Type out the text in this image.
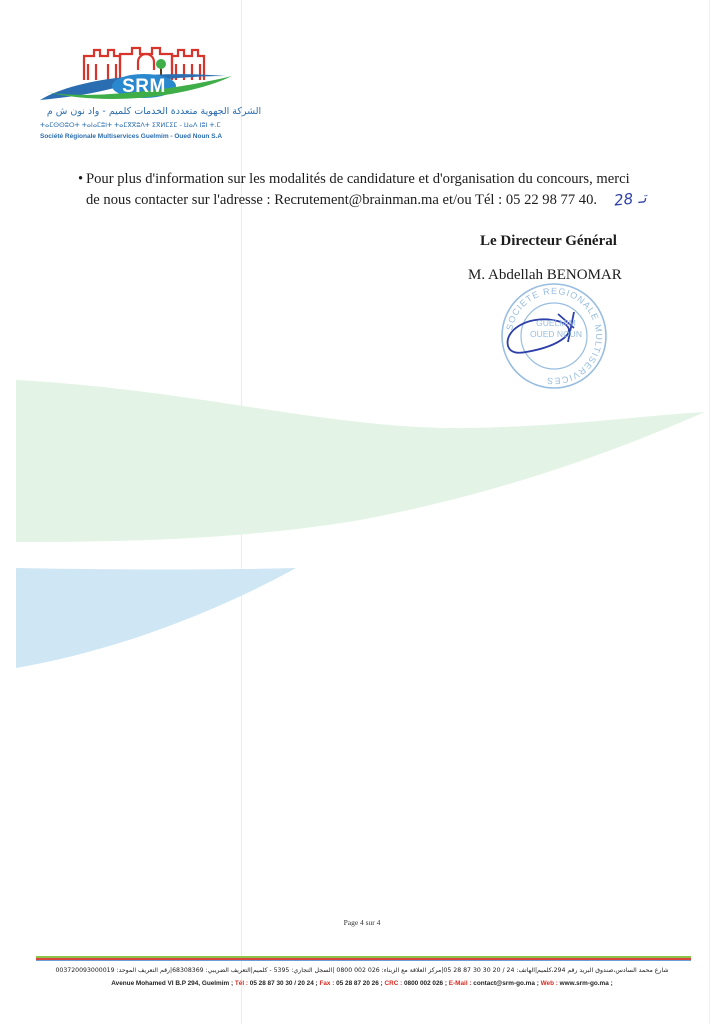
SRM
الشركة الجهوية متعددة الخدمات كلميم - واد نون ش م
ⵜⴰⵎⵙⵙⵓⵔⵜ ⵜⴰⵏⴰⵎⵓⵏⵜ ⵜⴰⵎⴳⴳⵓⴷⵜ ⵉⴳⵍⵎⵉⵎ - ⵡⴰⴷ ⵏⵓⵏ ⵜ.ⵎ
Société Régionale Multiservices Guelmim - Oued Noun S.A
• Pour plus d'information sur les modalités de candidature et d'organisation du concours, merci
de nous contacter sur l'adresse : Recrutement@brainman.ma et/ou Tél : 05 22 98 77 40. تـ 28
Le Directeur Général
M. Abdellah BENOMAR
SOCIETE REGIONALE MULTISERVICES
GUELMIM
OUED NOUN
Page 4 sur 4
شارع محمد السادس،صندوق البريد رقم 294،كلميم|الهاتف: 24 / 20 30 30 87 28 05|مركز العلاقة مع الزبناء: 026 002 0800 |السجل التجاري: 5395 - كلميم|التعريف الضريبي: 68308369|رقم التعريف الموحد: 003720093000019
Avenue Mohamed VI B.P 294, Guelmim ; Tél : 05 28 87 30 30 / 20 24 ; Fax : 05 28 87 20 26 ; CRC : 0800 002 026 ; E-Mail : contact@srm-go.ma ; Web : www.srm-go.ma ;
